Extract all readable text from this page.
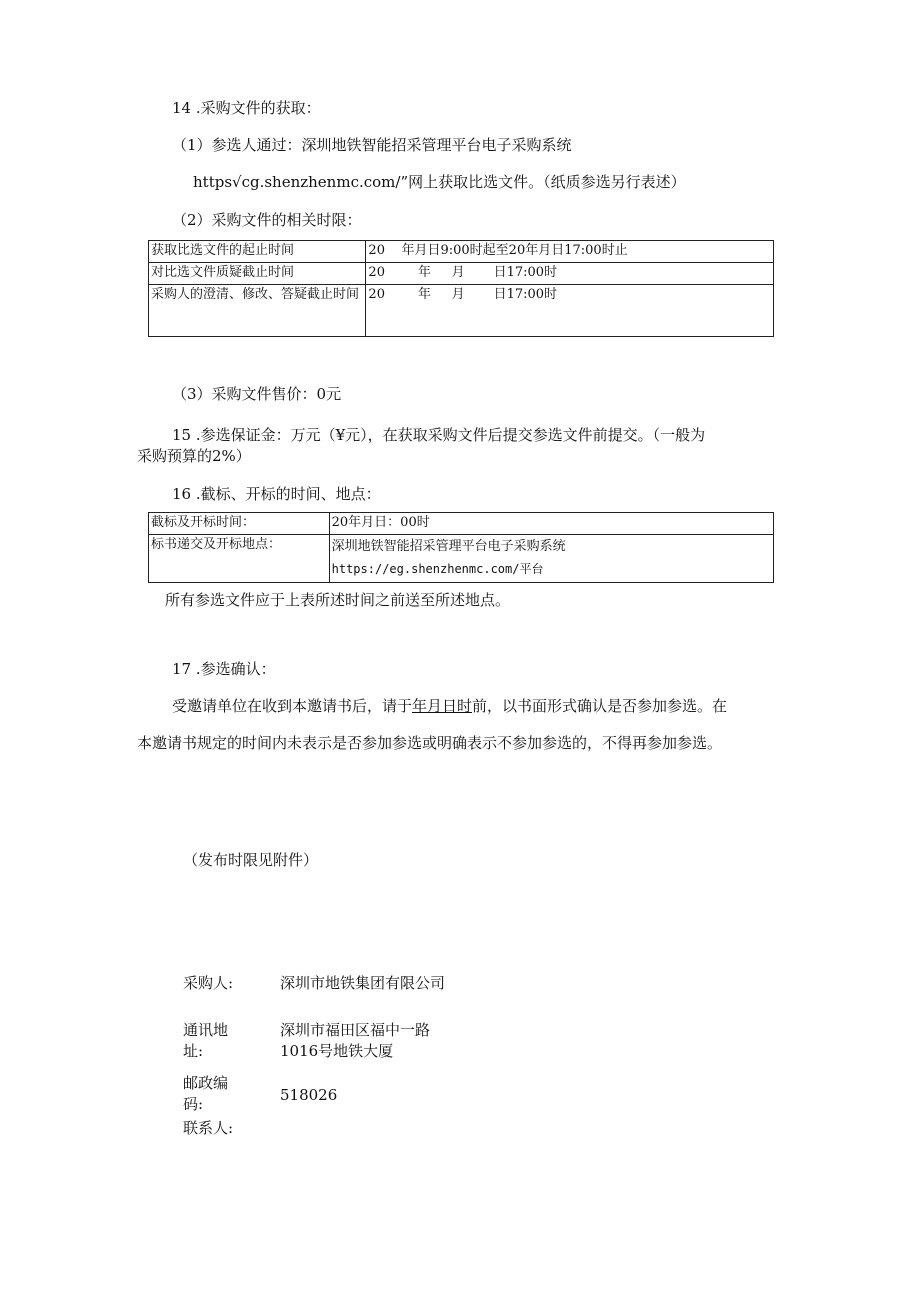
14 .采购文件的获取：
（1）参选人通过：深圳地铁智能招采管理平台电子采购系统
https√cg.shenzhenmc.com/”网上获取比选文件。（纸质参选另行表述）
（2）采购文件的相关时限：
获取比选文件的起止时间	20    年月日9:00时起至20年月日17:00时止
对比选文件质疑截止时间	20        年     月       日17:00时
采购人的澄清、修改、答疑截止时间	20        年     月       日17:00时
（3）采购文件售价：0元
15 .参选保证金：万元（¥元），在获取采购文件后提交参选文件前提交。（一般为
采购预算的2%）
16 .截标、开标的时间、地点：
截标及开标时间：	20年月日：00时
标书递交及开标地点：	深圳地铁智能招采管理平台电子采购系统
https://eg.shenzhenmc.com/平台
所有参选文件应于上表所述时间之前送至所述地点。
17 .参选确认：
受邀请单位在收到本邀请书后，请于年月日时前，以书面形式确认是否参加参选。在
本邀请书规定的时间内未表示是否参加参选或明确表示不参加参选的，不得再参加参选。
（发布时限见附件）
采购人:	深圳市地铁集团有限公司
通讯地址:
深圳市福田区福中一路
1016号地铁大厦
邮政编码:	518026
联系人:
